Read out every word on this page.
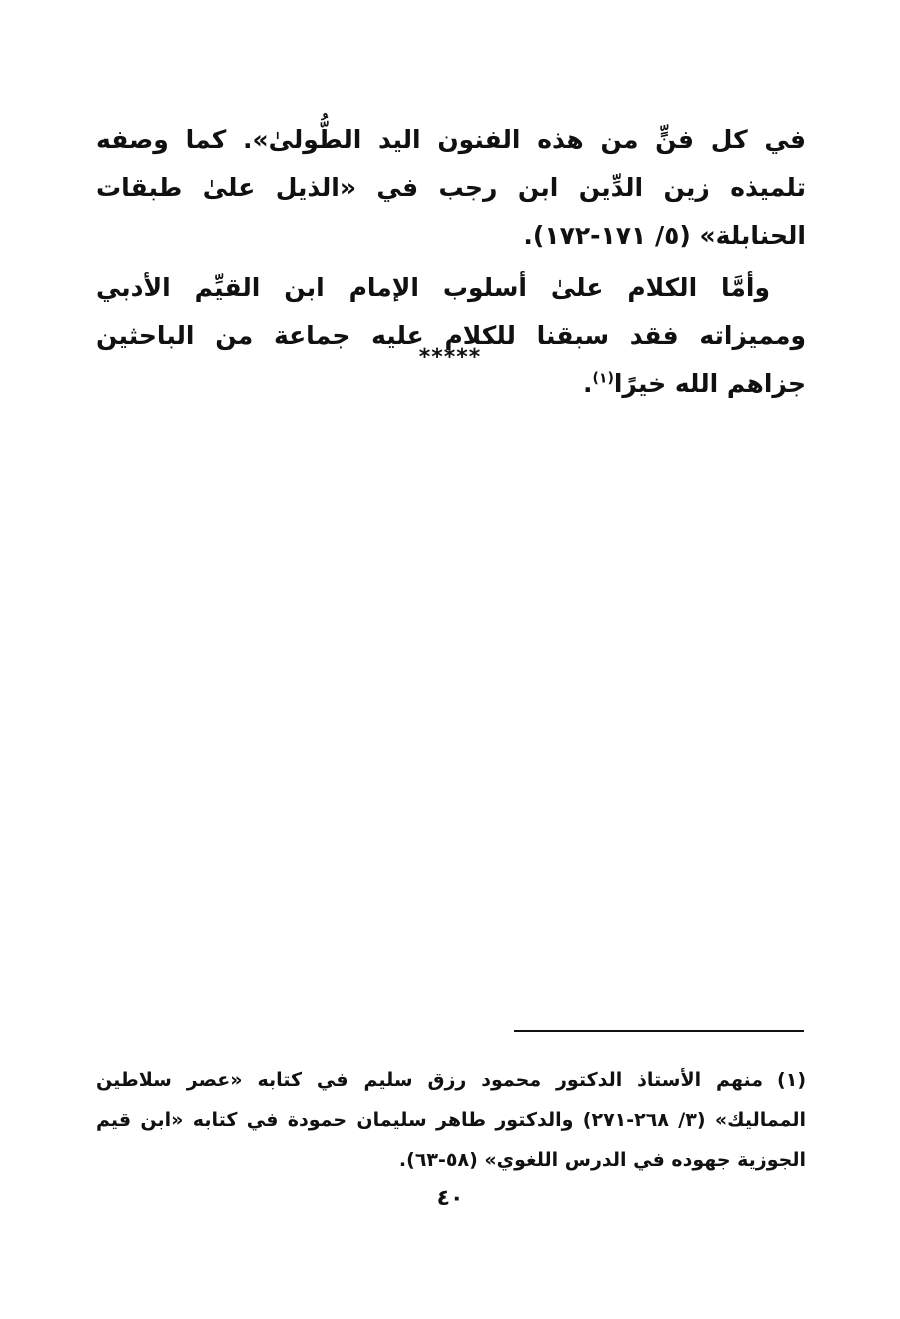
في كل فنٍّ من هذه الفنون اليد الطُّولىٰ». كما وصفه تلميذه زين الدِّين ابن رجب في «الذيل علىٰ طبقات الحنابلة» (٥/ ١٧١-١٧٢).

وأمَّا الكلام علىٰ أسلوب الإمام ابن القيِّم الأدبي ومميزاته فقد سبقنا للكلام عليه جماعة من الباحثين جزاهم الله خيرًا$^{(١)}$.

*****

(١)منهم الأستاذ الدكتور محمود رزق سليم في كتابه «عصر سلاطين المماليك» (٣/ ٢٦٨-٢٧١) والدكتور طاهر سليمان حمودة في كتابه «ابن قيم الجوزية جهوده في الدرس اللغوي» (٥٨-٦٣).

٤٠
